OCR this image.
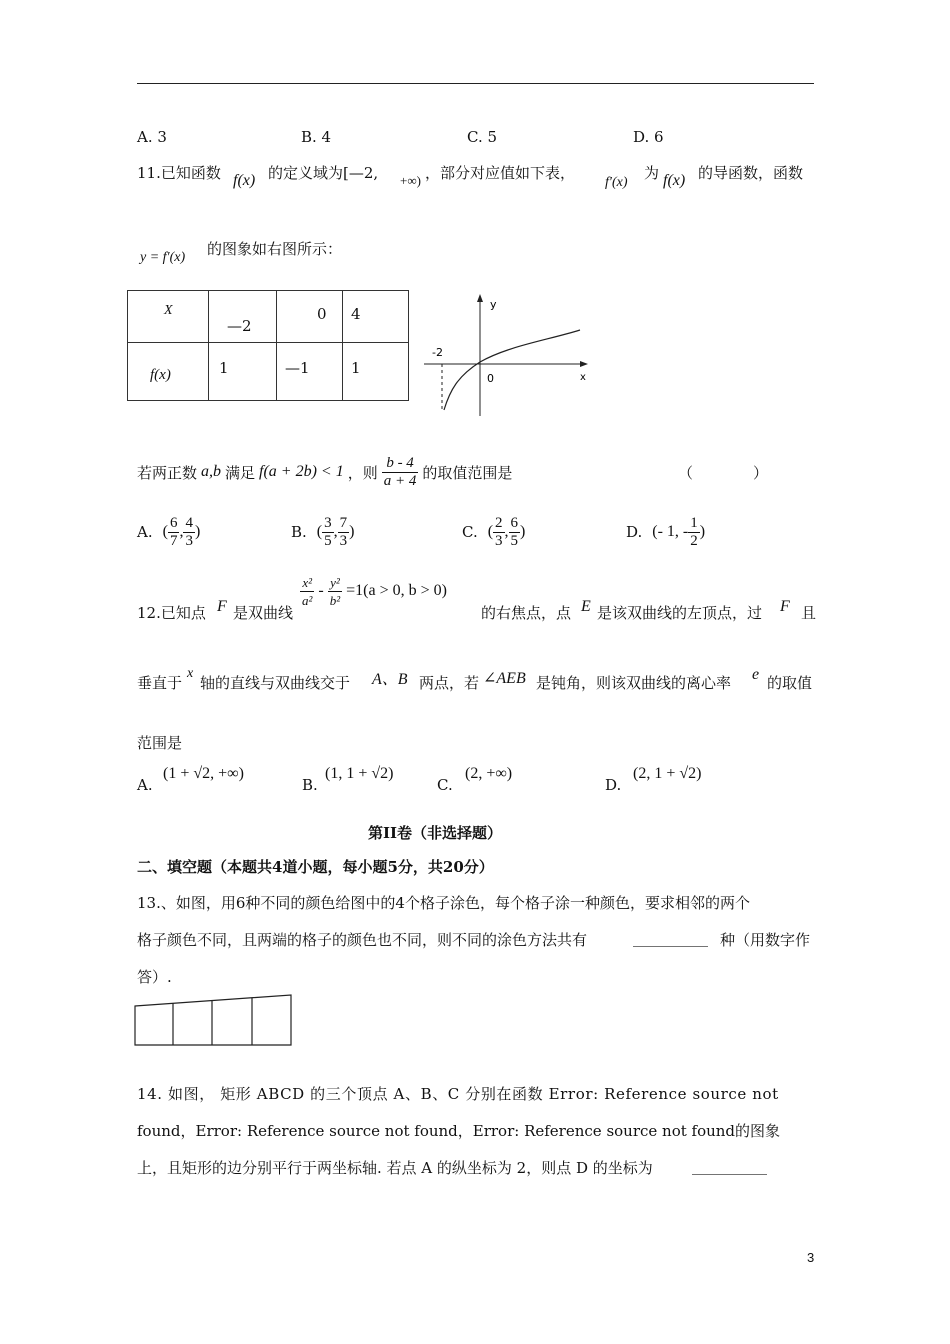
A. 3	B. 4	C. 5	D. 6
11.已知函数 f(x) 的定义域为[—2, +∞) ，部分对应值如下表，
f′(x)
为 f(x) 的导函数，函数
y = f′(x) 的图象如右图所示：
X	—2	0	4

f(x)	1	—1	1
y
x
-2
0
若两正数 a,b 满足 f(a + 2b) < 1 ，则 $\frac{b - 4}{a + 4}$ 的取值范围是	（　　　　）
A. ( $\frac{6}{7}$ , $\frac{4}{3}$ )	B. ( $\frac{3}{5}$ , $\frac{7}{3}$ )	C. ( $\frac{2}{3}$ , $\frac{6}{5}$ )	D. (- 1, - $\frac{1}{2}$ )
12.已知点 F 是双曲线
$\frac{\text{x²}}{\text{a²}} - \frac{\text{y²}}{\text{b²}} =1(a > 0$, b > 0)
的右焦点，点 E 是该双曲线的左顶点，过 F 且
垂直于
x
轴的直线与双曲线交于 A、B 两点，若 ∠AEB 是钝角，则该双曲线的离心率 e 的取值
范围是
A.
(1 + √2, +∞)
B.
(1, 1 + √2)
C.
(2, +∞)
D.
(2, 1 + √2)
第II卷（非选择题）
二、填空题（本题共4道小题，每小题5分，共20分）
13.、如图，用6种不同的颜色给图中的4个格子涂色，每个格子涂一种颜色，要求相邻的两个
格子颜色不同，且两端的格子的颜色也不同，则不同的涂色方法共有	__________ 种（用数字作
答）.
14. 如图， 矩形 ABCD 的三个顶点 A、B、C 分别在函数 Error: Reference source not
found，Error: Reference source not found，Error: Reference source not found的图象
上，且矩形的边分别平行于两坐标轴. 若点 A 的纵坐标为 2，则点 D 的坐标为	__________
3
